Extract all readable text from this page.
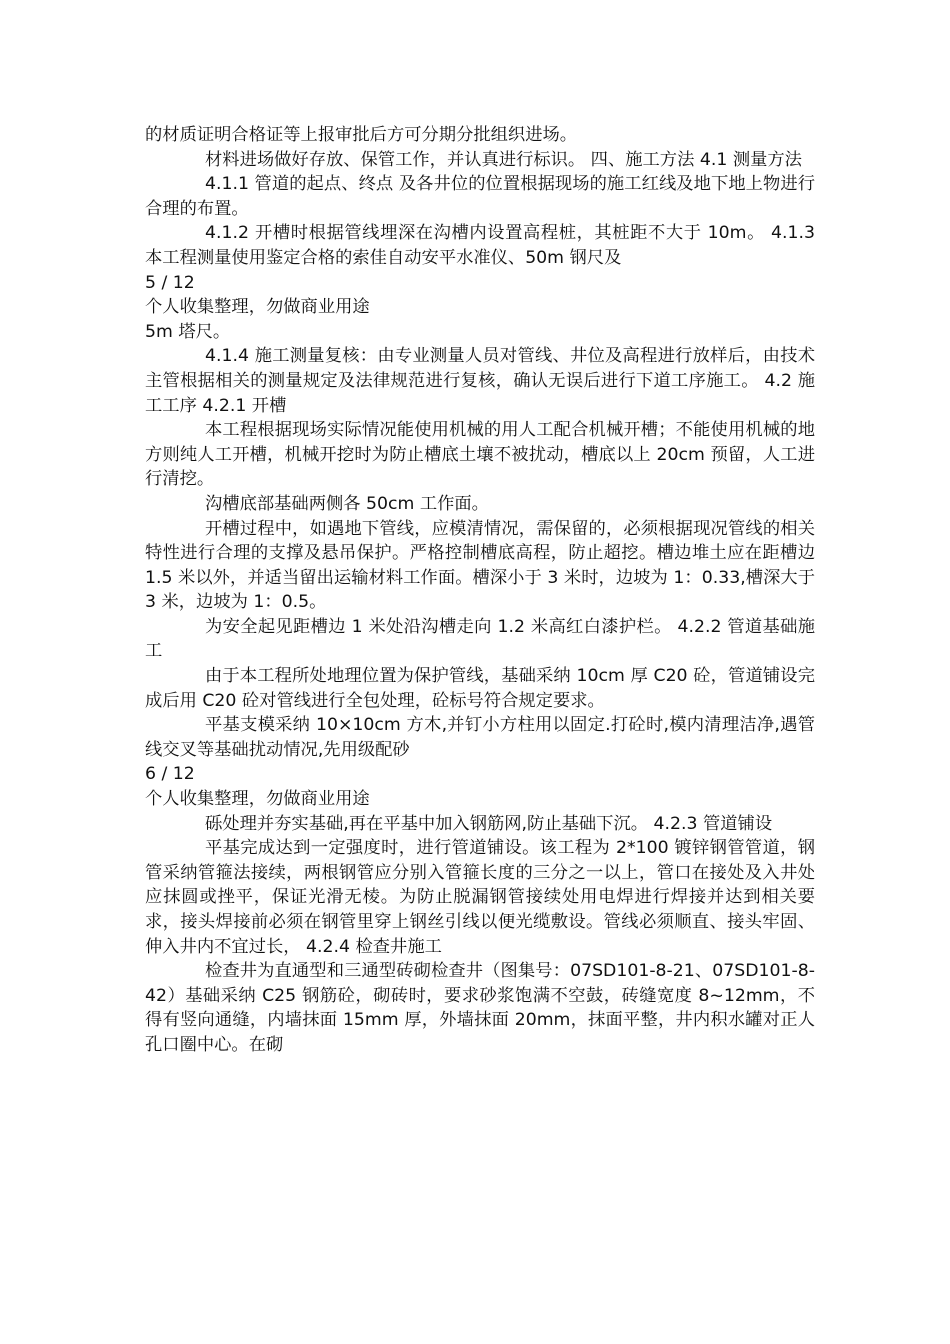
的材质证明合格证等上报审批后方可分期分批组织进场。

材料进场做好存放、保管工作，并认真进行标识。 四、施工方法 4.1 测量方法

4.1.1 管道的起点、终点 及各井位的位置根据现场的施工红线及地下地上物进行合理的布置。

4.1.2 开槽时根据管线埋深在沟槽内设置高程桩，其桩距不大于 10m。 4.1.3 本工程测量使用鉴定合格的索佳自动安平水准仪、50m 钢尺及

5 / 12

个人收集整理，勿做商业用途

5m 塔尺。

4.1.4 施工测量复核：由专业测量人员对管线、井位及高程进行放样后，由技术主管根据相关的测量规定及法律规范进行复核，确认无误后进行下道工序施工。 4.2 施工工序 4.2.1 开槽

本工程根据现场实际情况能使用机械的用人工配合机械开槽；不能使用机械的地方则纯人工开槽，机械开挖时为防止槽底土壤不被扰动，槽底以上 20cm 预留，人工进行清挖。

沟槽底部基础两侧各 50cm 工作面。

开槽过程中，如遇地下管线，应模清情况，需保留的，必须根据现况管线的相关特性进行合理的支撑及悬吊保护。严格控制槽底高程，防止超挖。槽边堆土应在距槽边 1.5 米以外，并适当留出运输材料工作面。槽深小于 3 米时，边坡为 1：0.33,槽深大于 3 米，边坡为 1：0.5。

为安全起见距槽边 1 米处沿沟槽走向 1.2 米高红白漆护栏。 4.2.2 管道基础施工

由于本工程所处地理位置为保护管线，基础采纳 10cm 厚 C20 砼，管道铺设完成后用 C20 砼对管线进行全包处理，砼标号符合规定要求。

平基支模采纳 10×10cm 方木,并钉小方柱用以固定.打砼时,模内清理洁净,遇管线交叉等基础扰动情况,先用级配砂

6 / 12

个人收集整理，勿做商业用途

砾处理并夯实基础,再在平基中加入钢筋网,防止基础下沉。 4.2.3 管道铺设

平基完成达到一定强度时，进行管道铺设。该工程为 2*100 镀锌钢管管道，钢管采纳管箍法接续，两根钢管应分别入管箍长度的三分之一以上，管口在接处及入井处应抹圆或挫平，保证光滑无棱。为防止脱漏钢管接续处用电焊进行焊接并达到相关要求，接头焊接前必须在钢管里穿上钢丝引线以便光缆敷设。管线必须顺直、接头牢固、伸入井内不宜过长， 4.2.4 检查井施工

检查井为直通型和三通型砖砌检查井（图集号：07SD101-8-21、07SD101-8-42）基础采纳 C25 钢筋砼，砌砖时，要求砂浆饱满不空鼓，砖缝宽度 8~12mm，不得有竖向通缝，内墙抹面 15mm 厚，外墙抹面 20mm，抹面平整，井内积水罐对正人孔口圈中心。在砌
